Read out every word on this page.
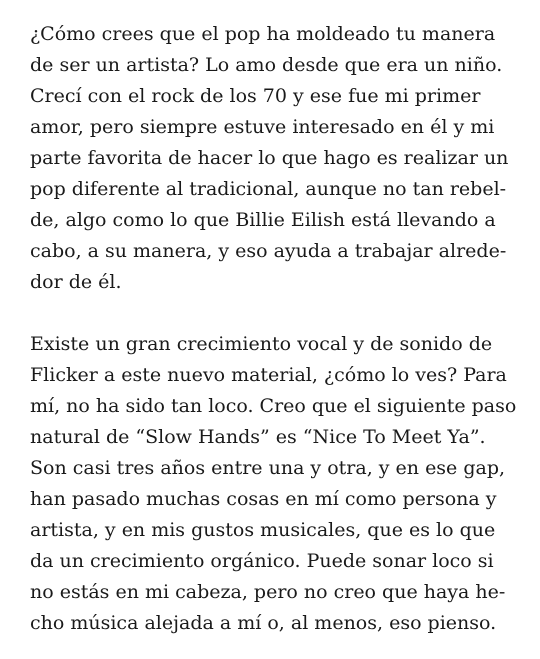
¿Cómo crees que el pop ha moldeado tu manera
de ser un artista? Lo amo desde que era un niño.
Crecí con el rock de los 70 y ese fue mi primer
amor, pero siempre estuve interesado en él y mi
parte favorita de hacer lo que hago es realizar un
pop diferente al tradicional, aunque no tan rebel-
de, algo como lo que Billie Eilish está llevando a
cabo, a su manera, y eso ayuda a trabajar alrede-
dor de él.

Existe un gran crecimiento vocal y de sonido de
Flicker a este nuevo material, ¿cómo lo ves? Para
mí, no ha sido tan loco. Creo que el siguiente paso
natural de “Slow Hands” es “Nice To Meet Ya”.
Son casi tres años entre una y otra, y en ese gap,
han pasado muchas cosas en mí como persona y
artista, y en mis gustos musicales, que es lo que
da un crecimiento orgánico. Puede sonar loco si
no estás en mi cabeza, pero no creo que haya he-
cho música alejada a mí o, al menos, eso pienso.
